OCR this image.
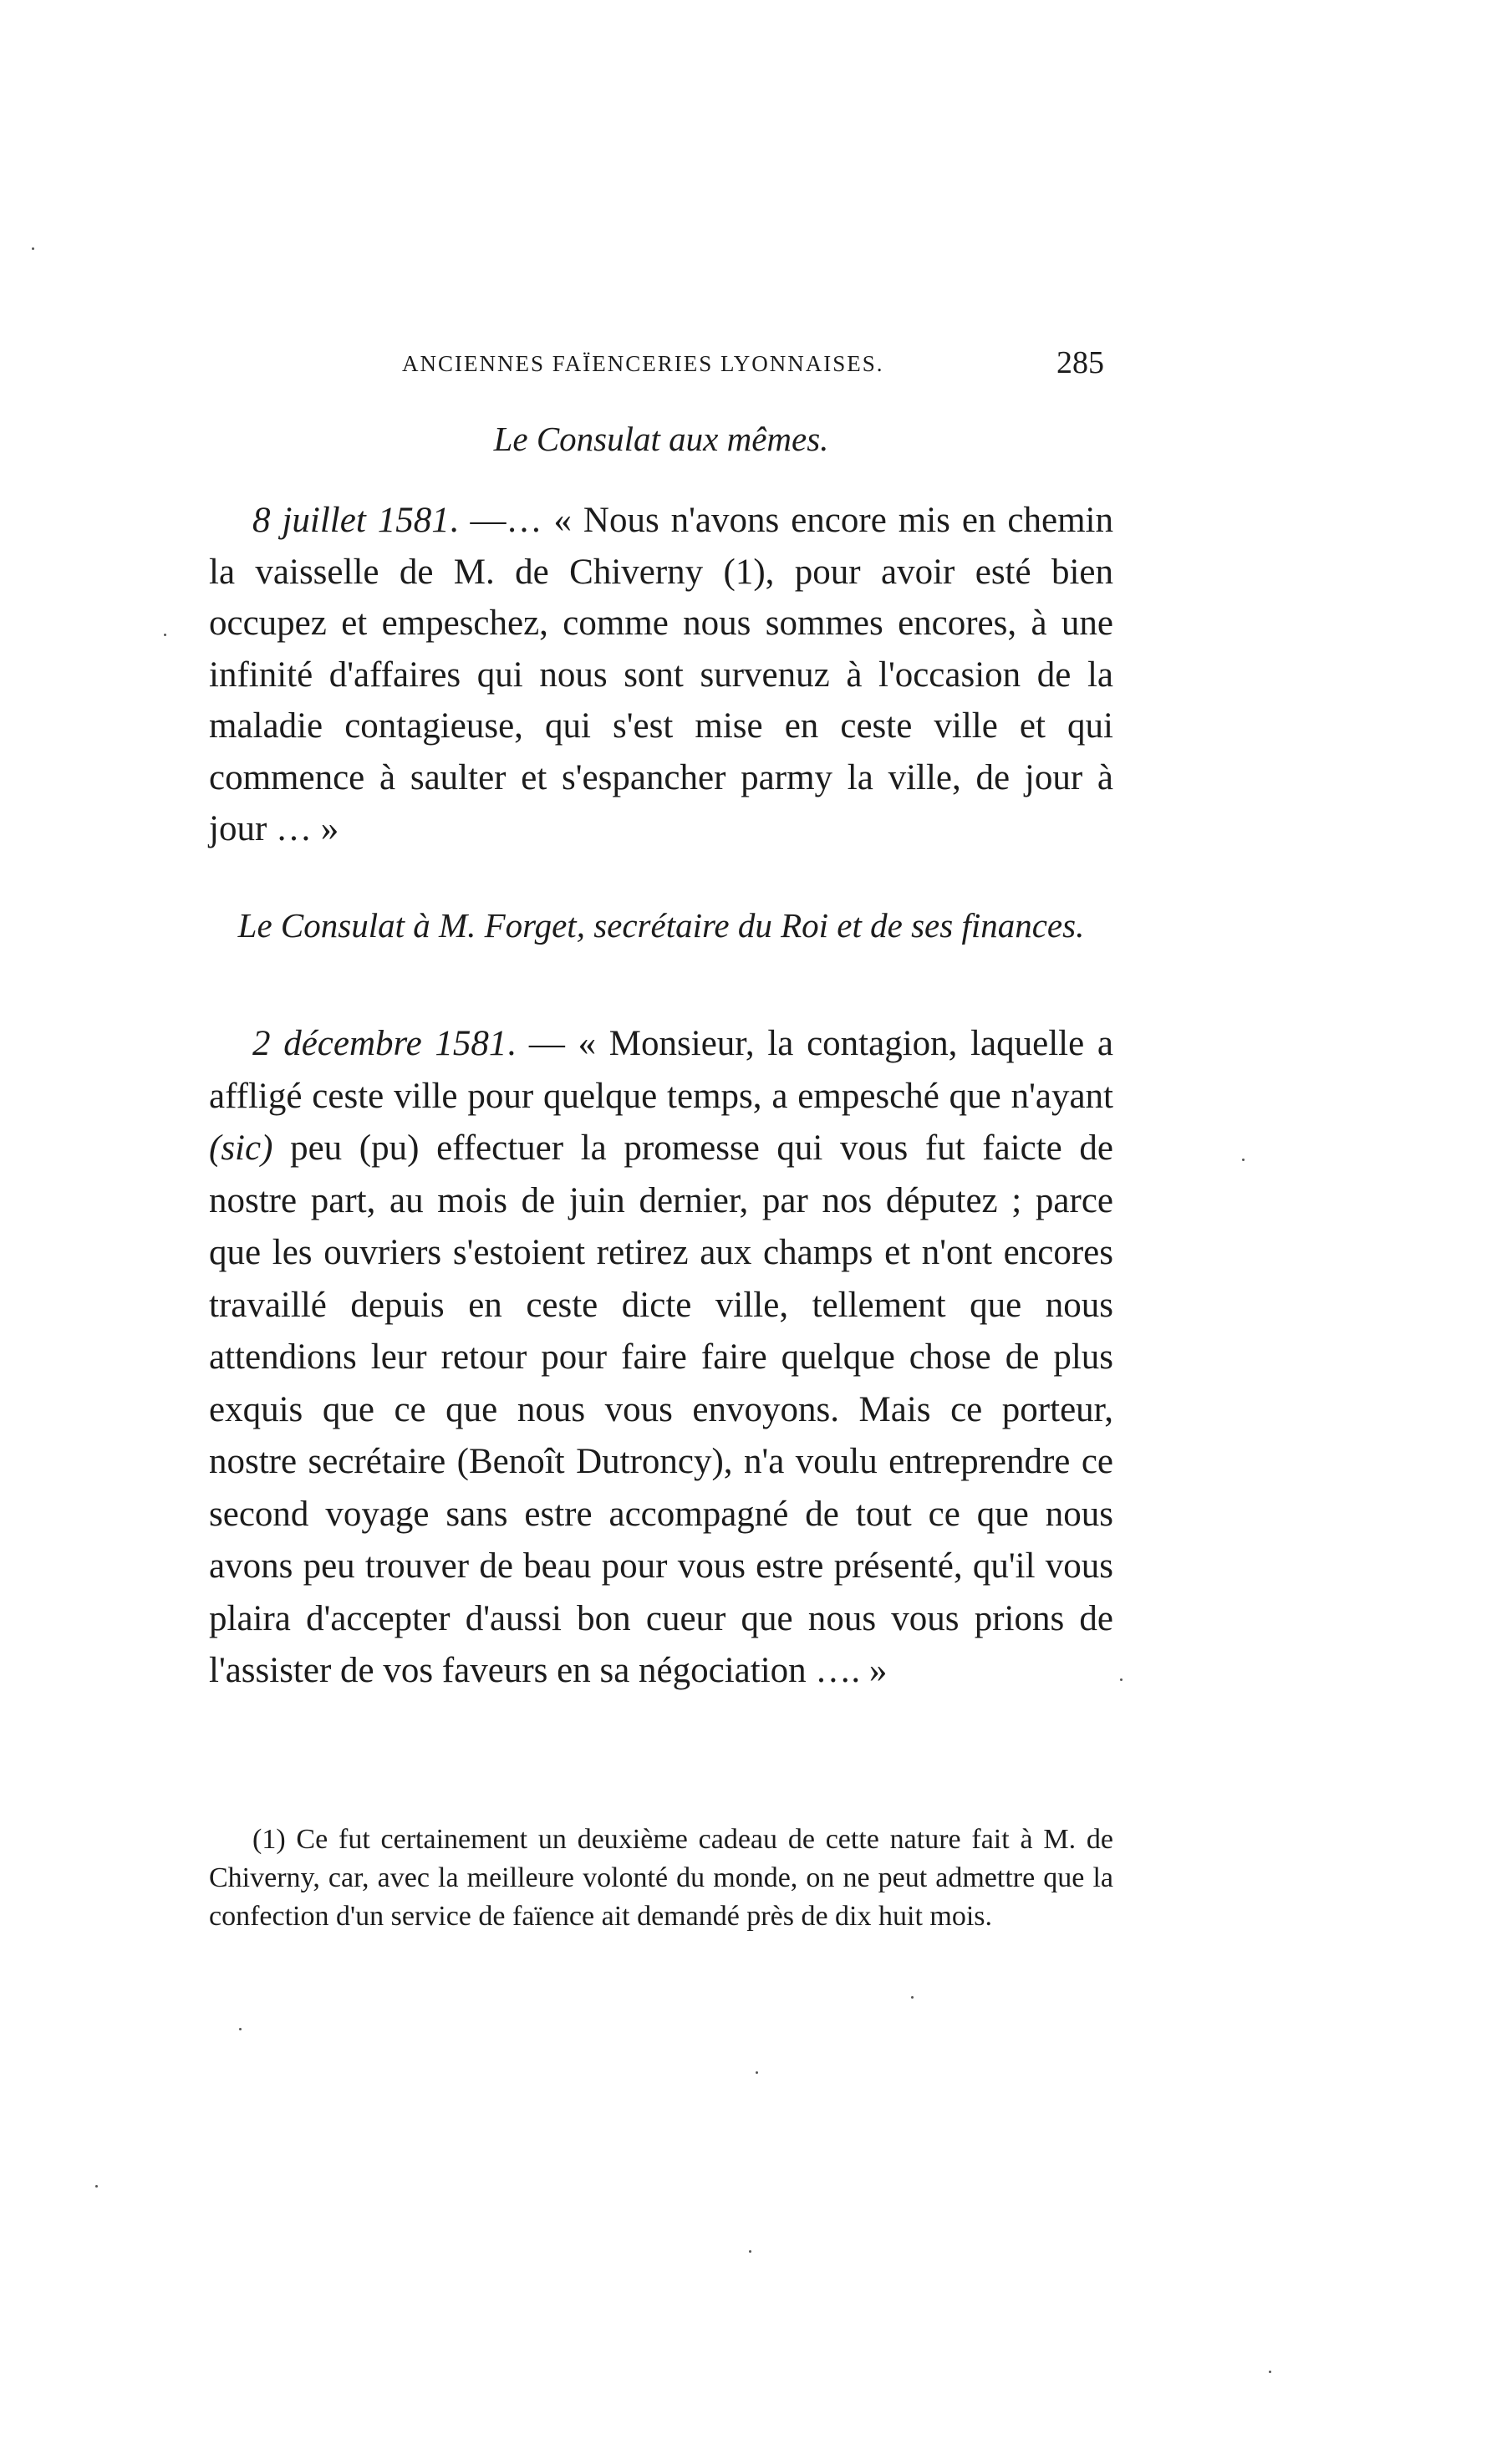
ANCIENNES FAÏENCERIES LYONNAISES.	285
Le Consulat aux mêmes.
8 juillet 1581. —… « Nous n'avons encore mis en chemin la vaisselle de M. de Chiverny (1), pour avoir esté bien occupez et empeschez, comme nous sommes encores, à une infinité d'affaires qui nous sont survenuz à l'occasion de la maladie contagieuse, qui s'est mise en ceste ville et qui commence à saulter et s'espancher parmy la ville, de jour à jour … »
Le Consulat à M. Forget, secrétaire du Roi et de ses finances.
2 décembre 1581. — « Monsieur, la contagion, laquelle a affligé ceste ville pour quelque temps, a empesché que n'ayant (sic) peu (pu) effectuer la promesse qui vous fut faicte de nostre part, au mois de juin dernier, par nos députez ; parce que les ouvriers s'estoient retirez aux champs et n'ont encores travaillé depuis en ceste dicte ville, tellement que nous attendions leur retour pour faire faire quelque chose de plus exquis que ce que nous vous envoyons. Mais ce porteur, nostre secrétaire (Benoît Dutroncy), n'a voulu entreprendre ce second voyage sans estre accompagné de tout ce que nous avons peu trouver de beau pour vous estre présenté, qu'il vous plaira d'accepter d'aussi bon cueur que nous vous prions de l'assister de vos faveurs en sa négociation …. »
(1) Ce fut certainement un deuxième cadeau de cette nature fait à M. de Chiverny, car, avec la meilleure volonté du monde, on ne peut admettre que la confection d'un service de faïence ait demandé près de dix huit mois.
